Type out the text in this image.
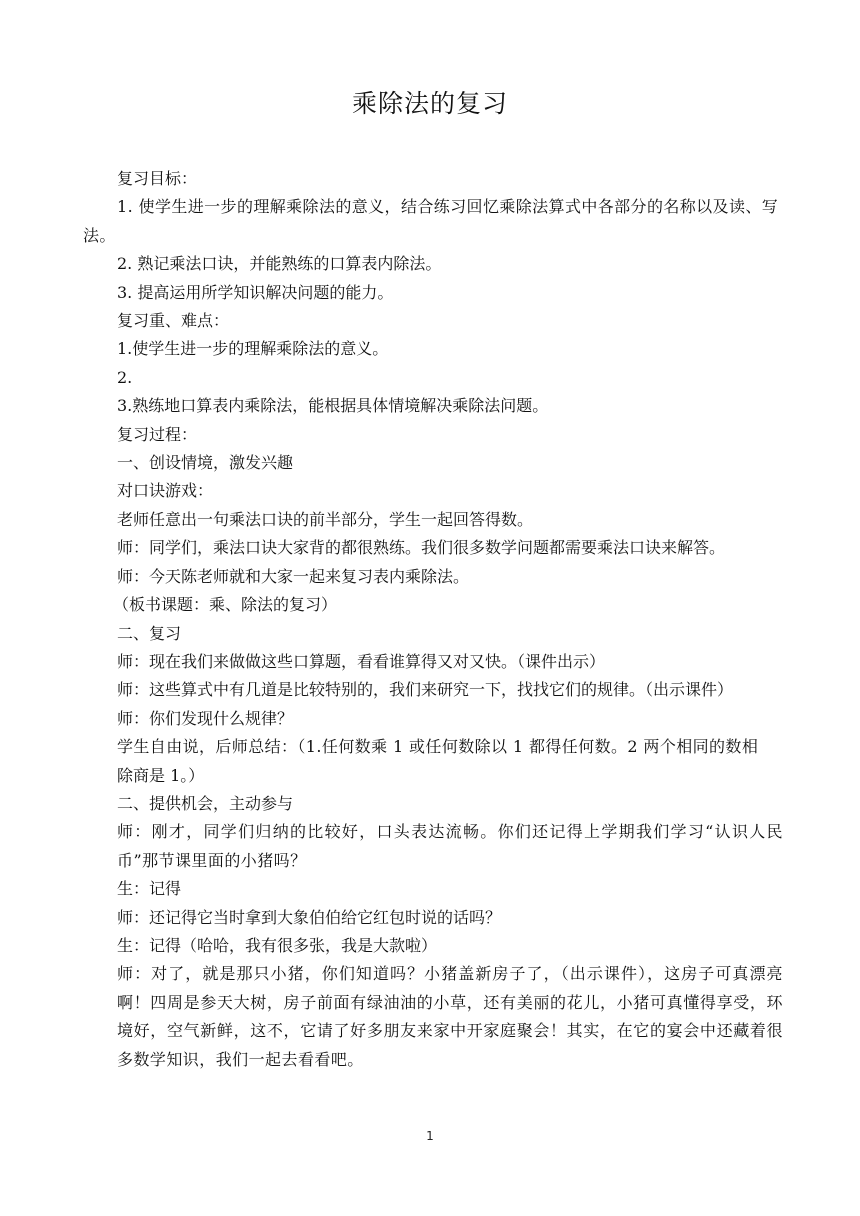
乘除法的复习
复习目标：
1. 使学生进一步的理解乘除法的意义，结合练习回忆乘除法算式中各部分的名称以及读、写法。
2. 熟记乘法口诀，并能熟练的口算表内除法。
3. 提高运用所学知识解决问题的能力。
复习重、难点：
1.使学生进一步的理解乘除法的意义。
2.
3.熟练地口算表内乘除法，能根据具体情境解决乘除法问题。
复习过程：
一、创设情境，激发兴趣
对口诀游戏：
老师任意出一句乘法口诀的前半部分，学生一起回答得数。
师：同学们，乘法口诀大家背的都很熟练。我们很多数学问题都需要乘法口诀来解答。
师：今天陈老师就和大家一起来复习表内乘除法。
（板书课题：乘、除法的复习）
二、复习
师：现在我们来做做这些口算题，看看谁算得又对又快。（课件出示）
师：这些算式中有几道是比较特别的，我们来研究一下，找找它们的规律。（出示课件）
师：你们发现什么规律？
学生自由说，后师总结：（1.任何数乘 1 或任何数除以 1 都得任何数。2 两个相同的数相
除商是 1。）
二、提供机会，主动参与
师：刚才，同学们归纳的比较好，口头表达流畅。你们还记得上学期我们学习“认识人民币”那节课里面的小猪吗？
生：记得
师：还记得它当时拿到大象伯伯给它红包时说的话吗？
生：记得（哈哈，我有很多张，我是大款啦）
师：对了，就是那只小猪，你们知道吗？小猪盖新房子了，（出示课件），这房子可真漂亮啊！四周是参天大树，房子前面有绿油油的小草，还有美丽的花儿，小猪可真懂得享受，环境好，空气新鲜，这不，它请了好多朋友来家中开家庭聚会！其实，在它的宴会中还藏着很多数学知识，我们一起去看看吧。
1
